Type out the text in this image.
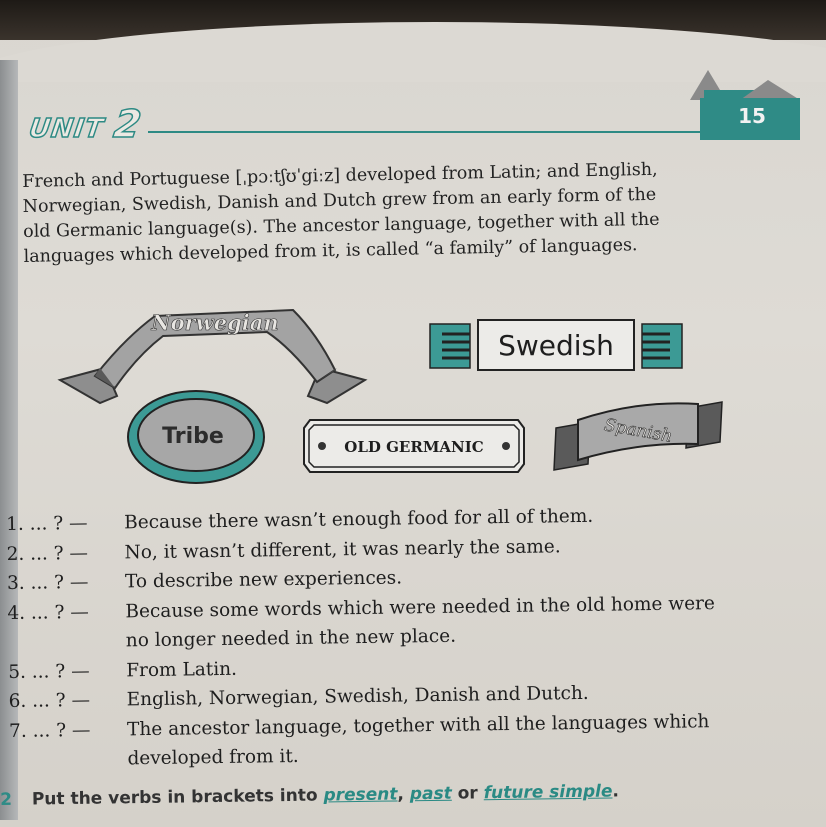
UNIT 2	15
French and Portuguese [ˌpɔːtʃʊˈgiːz] developed from Latin; and English,
Norwegian, Swedish, Danish and Dutch grew from an early form of the
old Germanic language(s). The ancestor language, together with all the
languages which developed from it, is called “a family” of languages.
Norwegian
Swedish
Tribe	OLD GERMANIC
Spanish
1. ... ? —	Because there wasn’t enough food for all of them.
2. ... ? —	No, it wasn’t different, it was nearly the same.
3. ... ? —	To describe new experiences.
4. ... ? —	Because some words which were needed in the old home were
no longer needed in the new place.
5. ... ? —	From Latin.
6. ... ? —	English, Norwegian, Swedish, Danish and Dutch.
7. ... ? —	The ancestor language, together with all the languages which
developed from it.
2 Put the verbs in brackets into present, past or future simple.
